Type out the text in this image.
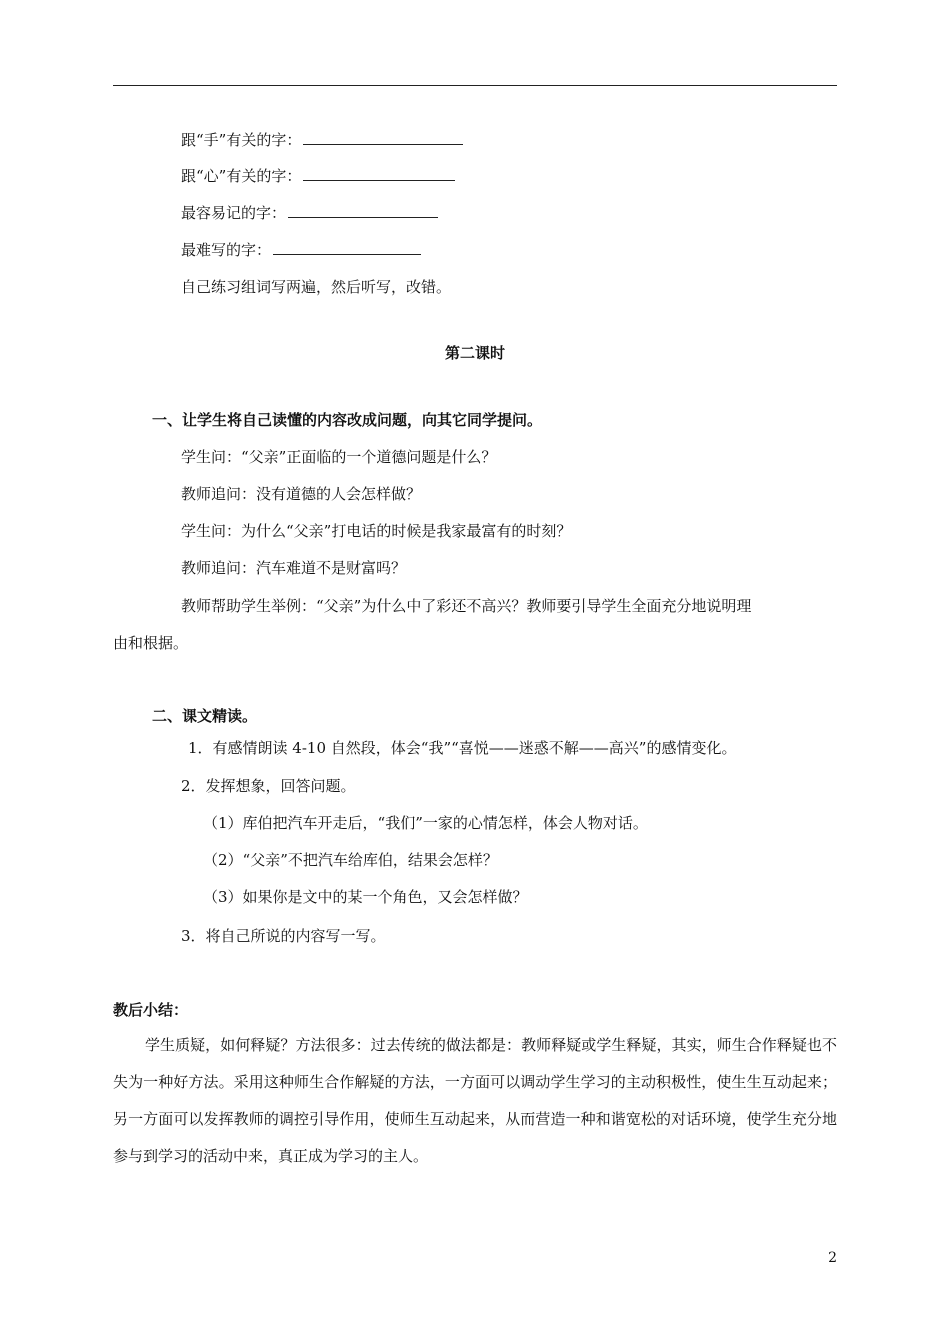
跟“手”有关的字：
跟“心”有关的字：
最容易记的字：
最难写的字：
自己练习组词写两遍，然后听写，改错。
第二课时
一、让学生将自己读懂的内容改成问题，向其它同学提问。
学生问：“父亲”正面临的一个道德问题是什么？
教师追问：没有道德的人会怎样做？
学生问：为什么“父亲”打电话的时候是我家最富有的时刻？
教师追问：汽车难道不是财富吗？
教师帮助学生举例：“父亲”为什么中了彩还不高兴？教师要引导学生全面充分地说明理
由和根据。
二、课文精读。
1．有感情朗读 4-10 自然段，体会“我”“喜悦——迷惑不解——高兴”的感情变化。
2．发挥想象，回答问题。
（1）库伯把汽车开走后，“我们”一家的心情怎样，体会人物对话。
（2）“父亲”不把汽车给库伯，结果会怎样？
（3）如果你是文中的某一个角色，又会怎样做？
3．将自己所说的内容写一写。
教后小结：

学生质疑，如何释疑？方法很多：过去传统的做法都是：教师释疑或学生释疑，其实，师生合作释疑也不失为一种好方法。采用这种师生合作解疑的方法，一方面可以调动学生学习的主动积极性，使生生互动起来；另一方面可以发挥教师的调控引导作用，使师生互动起来，从而营造一种和谐宽松的对话环境，使学生充分地参与到学习的活动中来，真正成为学习的主人。

2
